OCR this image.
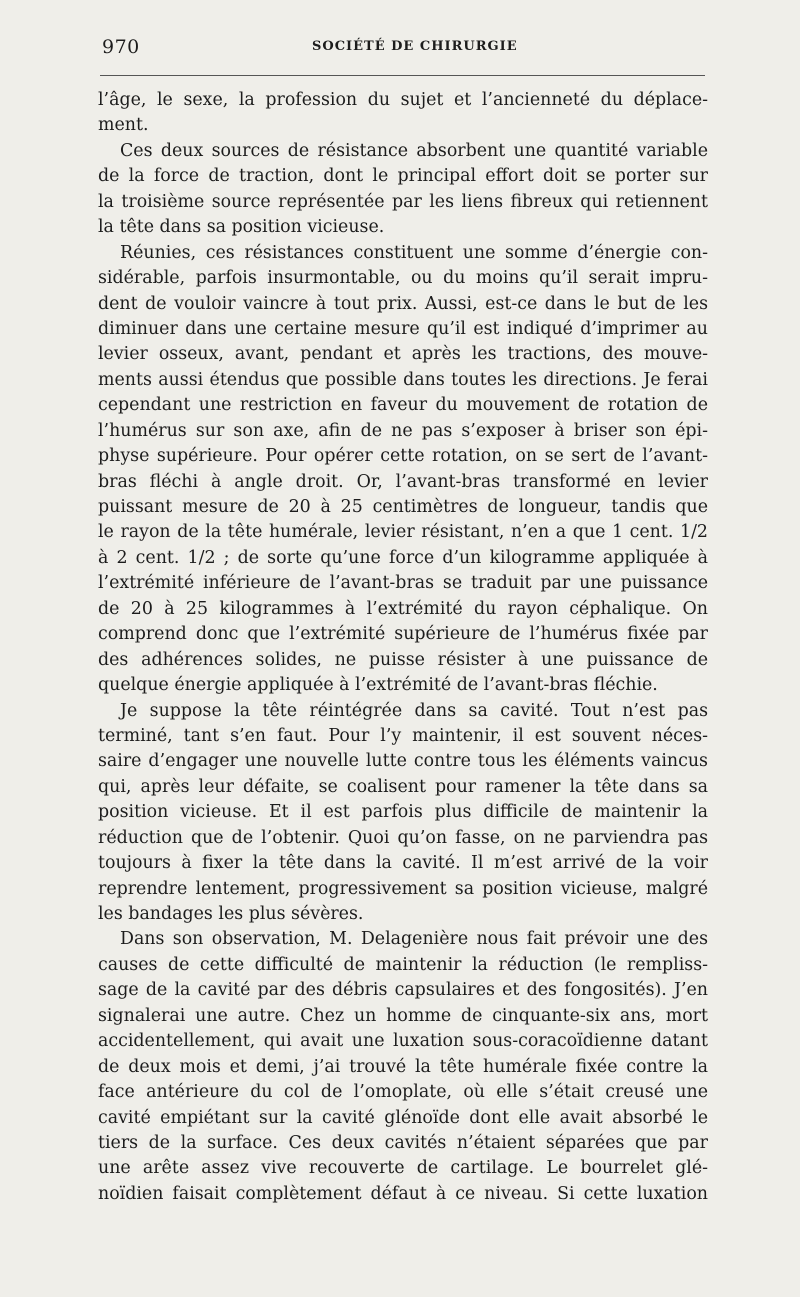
970	SOCIÉTÉ DE CHIRURGIE
l’âge, le sexe, la profession du sujet et l’ancienneté du déplace-
ment.
Ces deux sources de résistance absorbent une quantité variable
de la force de traction, dont le principal effort doit se porter sur
la troisième source représentée par les liens fibreux qui retiennent
la tête dans sa position vicieuse.
Réunies, ces résistances constituent une somme d’énergie con-
sidérable, parfois insurmontable, ou du moins qu’il serait impru-
dent de vouloir vaincre à tout prix. Aussi, est-ce dans le but de les
diminuer dans une certaine mesure qu’il est indiqué d’imprimer au
levier osseux, avant, pendant et après les tractions, des mouve-
ments aussi étendus que possible dans toutes les directions. Je ferai
cependant une restriction en faveur du mouvement de rotation de
l’humérus sur son axe, afin de ne pas s’exposer à briser son épi-
physe supérieure. Pour opérer cette rotation, on se sert de l’avant-
bras fléchi à angle droit. Or, l’avant-bras transformé en levier
puissant mesure de 20 à 25 centimètres de longueur, tandis que
le rayon de la tête humérale, levier résistant, n’en a que 1 cent. 1/2
à 2 cent. 1/2 ; de sorte qu’une force d’un kilogramme appliquée à
l’extrémité inférieure de l’avant-bras se traduit par une puissance
de 20 à 25 kilogrammes à l’extrémité du rayon céphalique. On
comprend donc que l’extrémité supérieure de l’humérus fixée par
des adhérences solides, ne puisse résister à une puissance de
quelque énergie appliquée à l’extrémité de l’avant-bras fléchie.
Je suppose la tête réintégrée dans sa cavité. Tout n’est pas
terminé, tant s’en faut. Pour l’y maintenir, il est souvent néces-
saire d’engager une nouvelle lutte contre tous les éléments vaincus
qui, après leur défaite, se coalisent pour ramener la tête dans sa
position vicieuse. Et il est parfois plus difficile de maintenir la
réduction que de l’obtenir. Quoi qu’on fasse, on ne parviendra pas
toujours à fixer la tête dans la cavité. Il m’est arrivé de la voir
reprendre lentement, progressivement sa position vicieuse, malgré
les bandages les plus sévères.
Dans son observation, M. Delagenière nous fait prévoir une des
causes de cette difficulté de maintenir la réduction (le rempliss-
sage de la cavité par des débris capsulaires et des fongosités). J’en
signalerai une autre. Chez un homme de cinquante-six ans, mort
accidentellement, qui avait une luxation sous-coracoïdienne datant
de deux mois et demi, j’ai trouvé la tête humérale fixée contre la
face antérieure du col de l’omoplate, où elle s’était creusé une
cavité empiétant sur la cavité glénoïde dont elle avait absorbé le
tiers de la surface. Ces deux cavités n’étaient séparées que par
une arête assez vive recouverte de cartilage. Le bourrelet glé-
noïdien faisait complètement défaut à ce niveau. Si cette luxation
